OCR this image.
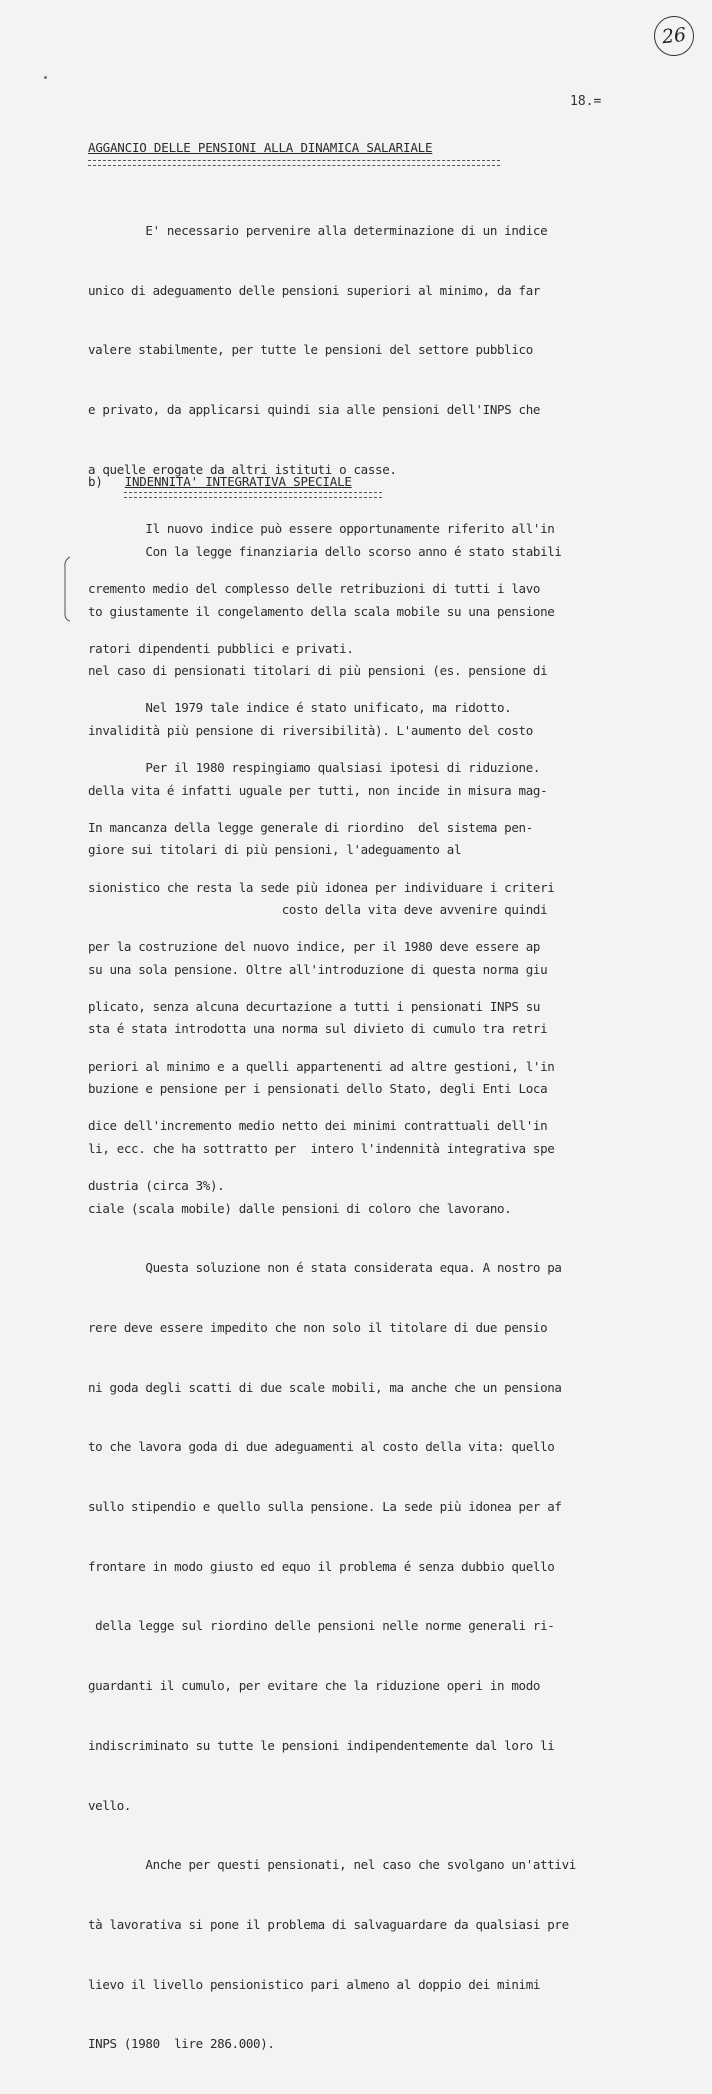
26
18.=
AGGANCIO DELLE PENSIONI ALLA DINAMICA SALARIALE

E' necessario pervenire alla determinazione di un indice

unico di adeguamento delle pensioni superiori al minimo, da far

valere stabilmente, per tutte le pensioni del settore pubblico

e privato, da applicarsi quindi sia alle pensioni dell'INPS che

a quelle erogate da altri istituti o casse.

Il nuovo indice può essere opportunamente riferito all'in

cremento medio del complesso delle retribuzioni di tutti i lavo

ratori dipendenti pubblici e privati.

Nel 1979 tale indice é stato unificato, ma ridotto.

Per il 1980 respingiamo qualsiasi ipotesi di riduzione.

In mancanza della legge generale di riordino  del sistema pen-

sionistico che resta la sede più idonea per individuare i criteri

per la costruzione del nuovo indice, per il 1980 deve essere ap

plicato, senza alcuna decurtazione a tutti i pensionati INPS su

periori al minimo e a quelli appartenenti ad altre gestioni, l'in

dice dell'incremento medio netto dei minimi contrattuali dell'in

dustria (circa 3%).

b) INDENNITA' INTEGRATIVA SPECIALE

Con la legge finanziaria dello scorso anno é stato stabili

to giustamente il congelamento della scala mobile su una pensione

nel caso di pensionati titolari di più pensioni (es. pensione di

invalidità più pensione di riversibilità). L'aumento del costo

della vita é infatti uguale per tutti, non incide in misura mag-

giore sui titolari di più pensioni, l'adeguamento al

costo della vita deve avvenire quindi

su una sola pensione. Oltre all'introduzione di questa norma giu

sta é stata introdotta una norma sul divieto di cumulo tra retri

buzione e pensione per i pensionati dello Stato, degli Enti Loca

li, ecc. che ha sottratto per  intero l'indennità integrativa spe

ciale (scala mobile) dalle pensioni di coloro che lavorano.

Questa soluzione non é stata considerata equa. A nostro pa

rere deve essere impedito che non solo il titolare di due pensio

ni goda degli scatti di due scale mobili, ma anche che un pensiona

to che lavora goda di due adeguamenti al costo della vita: quello

sullo stipendio e quello sulla pensione. La sede più idonea per af

frontare in modo giusto ed equo il problema é senza dubbio quello

della legge sul riordino delle pensioni nelle norme generali ri-

guardanti il cumulo, per evitare che la riduzione operi in modo

indiscriminato su tutte le pensioni indipendentemente dal loro li

vello.

Anche per questi pensionati, nel caso che svolgano un'attivi

tà lavorativa si pone il problema di salvaguardare da qualsiasi pre

lievo il livello pensionistico pari almeno al doppio dei minimi

INPS (1980  lire 286.000).
